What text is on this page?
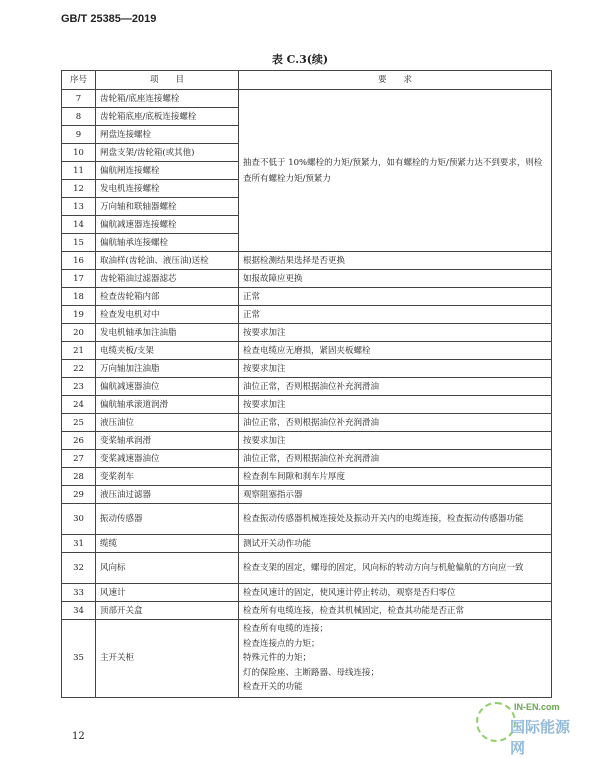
GB/T 25385—2019
表 C.3(续)
序号	项　　目	要　　求
7	齿轮箱/底座连接螺栓	抽查不低于 10%螺栓的力矩/预紧力，如有螺栓的力矩/预紧力达不到要求，则检查所有螺栓力矩/预紧力
8	齿轮箱底座/底板连接螺栓	
9	闸盘连接螺栓	
10	闸盘支架/齿轮箱(或其他)	
11	偏航闸连接螺栓	
12	发电机连接螺栓	
13	万向轴和联轴器螺栓	
14	偏航减速器连接螺栓	
15	偏航轴承连接螺栓	
16	取油样(齿轮油、液压油)送检	根据检测结果选择是否更换
17	齿轮箱油过滤器滤芯	如报故障应更换
18	检查齿轮箱内部	正常
19	检查发电机对中	正常
20	发电机轴承加注油脂	按要求加注
21	电缆夹板/支架	检查电缆应无磨损，紧固夹板螺栓
22	万向轴加注油脂	按要求加注
23	偏航减速器油位	油位正常，否则根据油位补充润滑油
24	偏航轴承滚道润滑	按要求加注
25	液压油位	油位正常，否则根据油位补充润滑油
26	变桨轴承润滑	按要求加注
27	变桨减速器油位	油位正常，否则根据油位补充润滑油
28	变桨刹车	检查刹车间隙和刹车片厚度
29	液压油过滤器	观察阻塞指示器
30	振动传感器	检查振动传感器机械连接处及振动开关内的电缆连接，检查振动传感器功能
31	缆缆	测试开关动作功能
32	风向标	检查支架的固定，螺母的固定，风向标的转动方向与机舱偏航的方向应一致
33	风速计	检查风速计的固定，使风速计停止转动，观察是否归零位
34	顶部开关盒	检查所有电缆连接，检查其机械固定，检查其功能是否正常
35	主开关柜	检查所有电缆的连接；
检查连接点的力矩；
特殊元件的力矩；
灯的保险座、主断路器、母线连接；
检查开关的功能
12
IN-EN.com
国际能源网
